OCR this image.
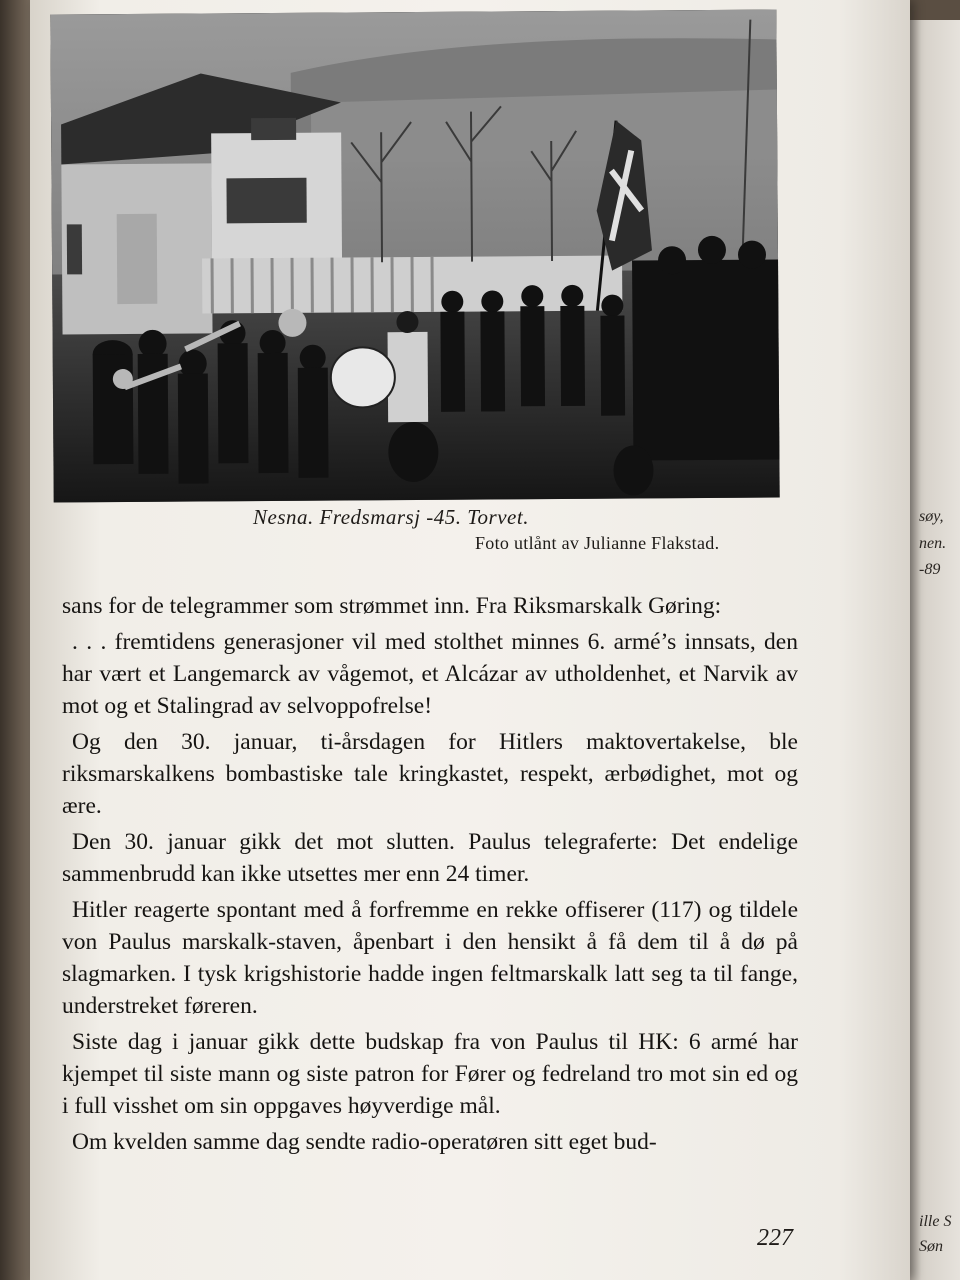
søy,
nen.
-89
ille S
Søn
Nesna. Fredsmarsj -45. Torvet.
Foto utlånt av Julianne Flakstad.

sans for de telegrammer som strømmet inn. Fra Riksmarskalk Gøring:

. . . fremtidens generasjoner vil med stolthet minnes 6. armé’s innsats, den har vært et Langemarck av vågemot, et Alcázar av utholdenhet, et Narvik av mot og et Stalingrad av selvoppofrelse!

Og den 30. januar, ti-årsdagen for Hitlers maktovertakelse, ble riksmarskalkens bombastiske tale kringkastet, respekt, ærbødighet, mot og ære.

Den 30. januar gikk det mot slutten. Paulus telegraferte: Det endelige sammenbrudd kan ikke utsettes mer enn 24 timer.

Hitler reagerte spontant med å forfremme en rekke offiserer (117) og tildele von Paulus marskalk-staven, åpenbart i den hensikt å få dem til å dø på slagmarken. I tysk krigshistorie hadde ingen feltmarskalk latt seg ta til fange, understreket føreren.

Siste dag i januar gikk dette budskap fra von Paulus til HK: 6 armé har kjempet til siste mann og siste patron for Fører og fedreland tro mot sin ed og i full visshet om sin oppgaves høyverdige mål.

Om kvelden samme dag sendte radio-operatøren sitt eget bud-

227
